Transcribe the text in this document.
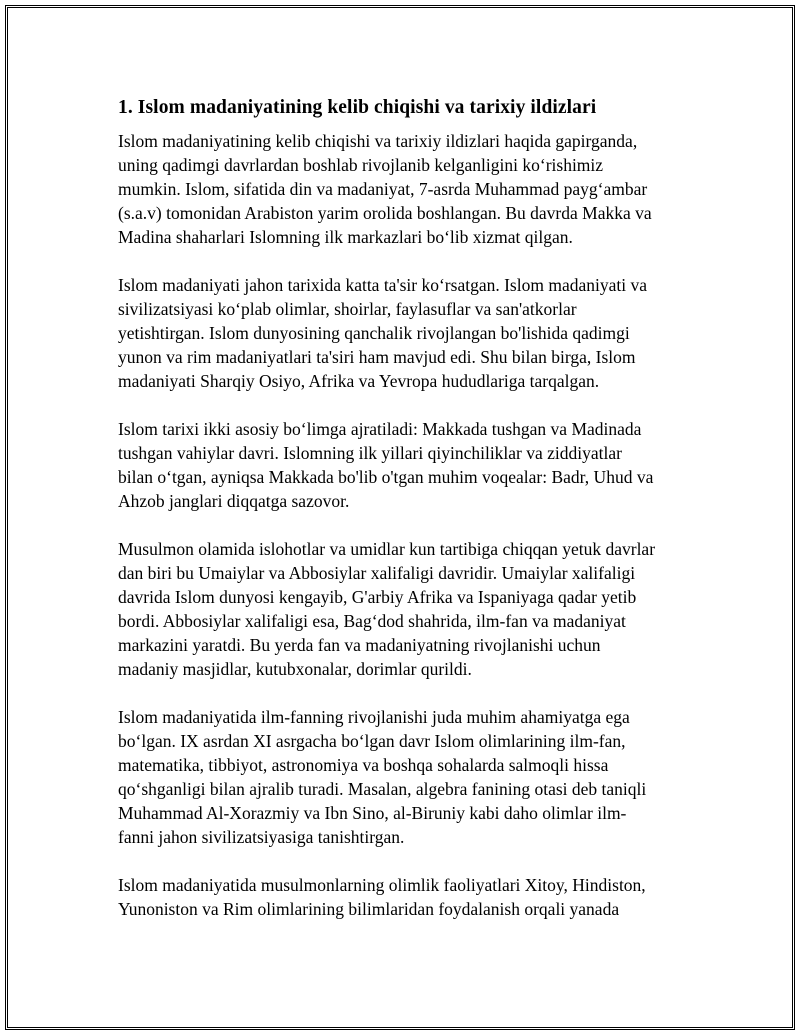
1. Islom madaniyatining kelib chiqishi va tarixiy ildizlari

Islom madaniyatining kelib chiqishi va tarixiy ildizlari haqida gapirganda,
uning qadimgi davrlardan boshlab rivojlanib kelganligini ko‘rishimiz
mumkin. Islom, sifatida din va madaniyat, 7-asrda Muhammad payg‘ambar
(s.a.v) tomonidan Arabiston yarim orolida boshlangan. Bu davrda Makka va
Madina shaharlari Islomning ilk markazlari bo‘lib xizmat qilgan.

Islom madaniyati jahon tarixida katta ta'sir ko‘rsatgan. Islom madaniyati va
sivilizatsiyasi ko‘plab olimlar, shoirlar, faylasuflar va san'atkorlar
yetishtirgan. Islom dunyosining qanchalik rivojlangan bo'lishida qadimgi
yunon va rim madaniyatlari ta'siri ham mavjud edi. Shu bilan birga, Islom
madaniyati Sharqiy Osiyo, Afrika va Yevropa hududlariga tarqalgan.

Islom tarixi ikki asosiy bo‘limga ajratiladi: Makkada tushgan va Madinada
tushgan vahiylar davri. Islomning ilk yillari qiyinchiliklar va ziddiyatlar
bilan o‘tgan, ayniqsa Makkada bo'lib o'tgan muhim voqealar: Badr, Uhud va
Ahzob janglari diqqatga sazovor.

Musulmon olamida islohotlar va umidlar kun tartibiga chiqqan yetuk davrlar
dan biri bu Umaiylar va Abbosiylar xalifaligi davridir. Umaiylar xalifaligi
davrida Islom dunyosi kengayib, G'arbiy Afrika va Ispaniyaga qadar yetib
bordi. Abbosiylar xalifaligi esa, Bag‘dod shahrida, ilm-fan va madaniyat
markazini yaratdi. Bu yerda fan va madaniyatning rivojlanishi uchun
madaniy masjidlar, kutubxonalar, dorimlar qurildi.

Islom madaniyatida ilm-fanning rivojlanishi juda muhim ahamiyatga ega
bo‘lgan. IX asrdan XI asrgacha bo‘lgan davr Islom olimlarining ilm-fan,
matematika, tibbiyot, astronomiya va boshqa sohalarda salmoqli hissa
qo‘shganligi bilan ajralib turadi. Masalan, algebra fanining otasi deb taniqli
Muhammad Al-Xorazmiy va Ibn Sino, al-Biruniy kabi daho olimlar ilm-
fanni jahon sivilizatsiyasiga tanishtirgan.

Islom madaniyatida musulmonlarning olimlik faoliyatlari Xitoy, Hindiston,
Yunoniston va Rim olimlarining bilimlaridan foydalanish orqali yanada
